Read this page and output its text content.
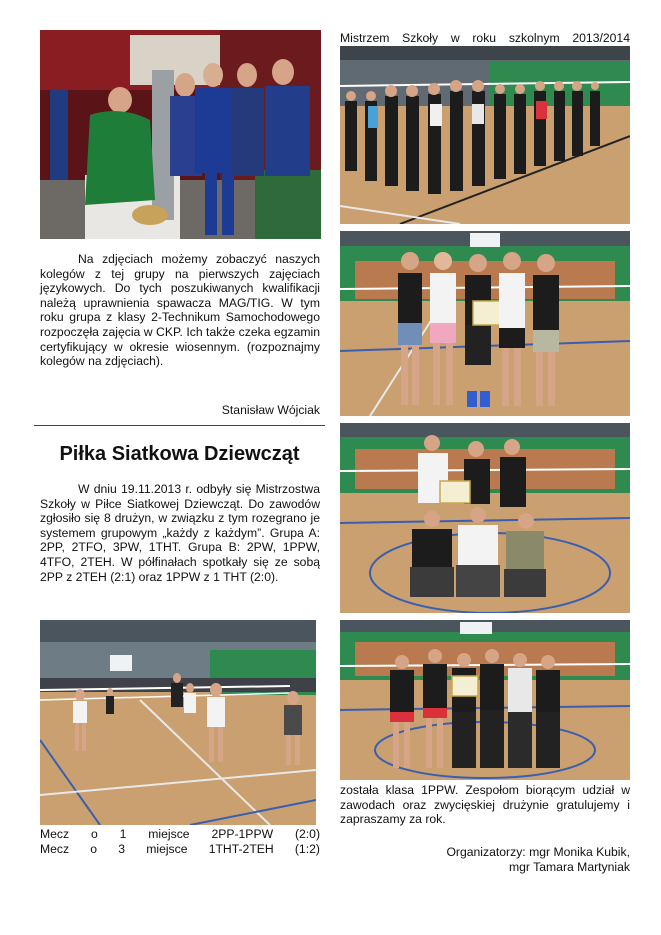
Na zdjęciach możemy zobaczyć naszych kolegów z tej grupy na pierwszych zajęciach językowych. Do tych poszukiwanych kwalifikacji należą uprawnienia spawacza MAG/TIG. W tym roku grupa z klasy 2-Technikum Samochodowego rozpoczęła zajęcia w CKP. Ich także czeka egzamin certyfikujący w okresie wiosennym. (rozpoznajmy kolegów na zdjęciach).
Stanisław Wójciak
Piłka Siatkowa Dziewcząt
W dniu 19.11.2013 r. odbyły się Mistrzostwa Szkoły w Piłce Siatkowej Dziewcząt. Do zawodów zgłosiło się 8 drużyn, w związku z tym rozegrano je systemem grupowym „każdy z każdym”. Grupa A: 2PP, 2TFO, 3PW, 1THT. Grupa B: 2PW, 1PPW, 4TFO, 2TEH. W półfinałach spotkały się ze sobą 2PP z 2TEH (2:1) oraz 1PPW z 1 THT (2:0).
Mecz o 1 miejsce 2PP-1PPW (2:0)
Mecz o 3 miejsce 1THT-2TEH (1:2)
Mistrzem Szkoły w roku szkolnym 2013/2014
została klasa 1PPW. Zespołom biorącym udział w zawodach oraz zwycięskiej drużynie gratulujemy i zapraszamy za rok.
Organizatorzy: mgr Monika Kubik,
mgr Tamara Martyniak
